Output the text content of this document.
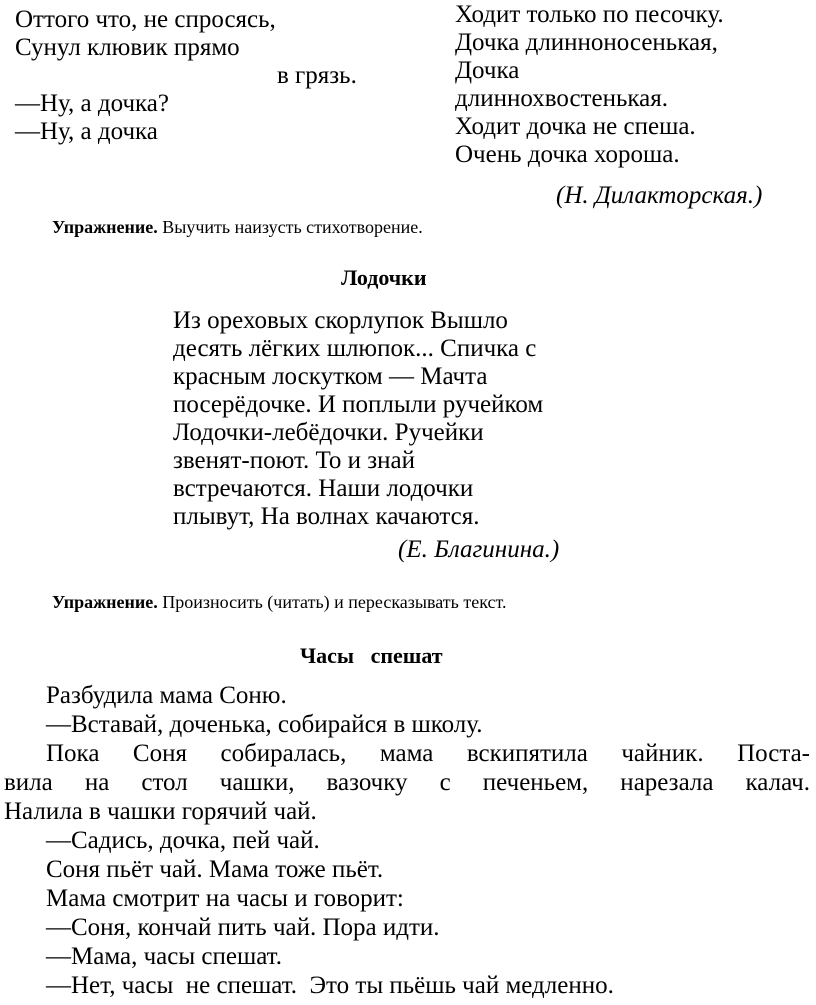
Оттого что, не спросясь,
Сунул клювик прямо
в грязь.
—Ну, а дочка?
—Ну, а дочка
Ходит только по песочку.
Дочка длинноносенькая,
Дочка
длиннохвостенькая.
Ходит дочка не спеша.
Очень дочка хороша.
(Н. Дилакторская.)
Упражнение. Выучить наизусть стихотворение.
Лодочки
Из ореховых скорлупок Вышло
десять лёгких шлюпок... Спичка с
красным лоскутком — Мачта
посерёдочке. И поплыли ручейком
Лодочки-лебёдочки. Ручейки
звенят-поют. То и знай
встречаются. Наши лодочки
плывут, На волнах качаются.
(Е. Благинина.)
Упражнение. Произносить (читать) и пересказывать текст.
Часы   спешат
Разбудила мама Соню.
—Вставай, доченька, собирайся в школу.
Пока Соня собиралась, мама вскипятила чайник. Поста-
вила на стол чашки, вазочку с печеньем, нарезала калач.
Налила в чашки горячий чай.
—Садись, дочка, пей чай.
Соня пьёт чай. Мама тоже пьёт.
Мама смотрит на часы и говорит:
—Соня, кончай пить чай. Пора идти.
—Мама, часы спешат.
—Нет, часы  не спешат.  Это ты пьёшь чай медленно.
